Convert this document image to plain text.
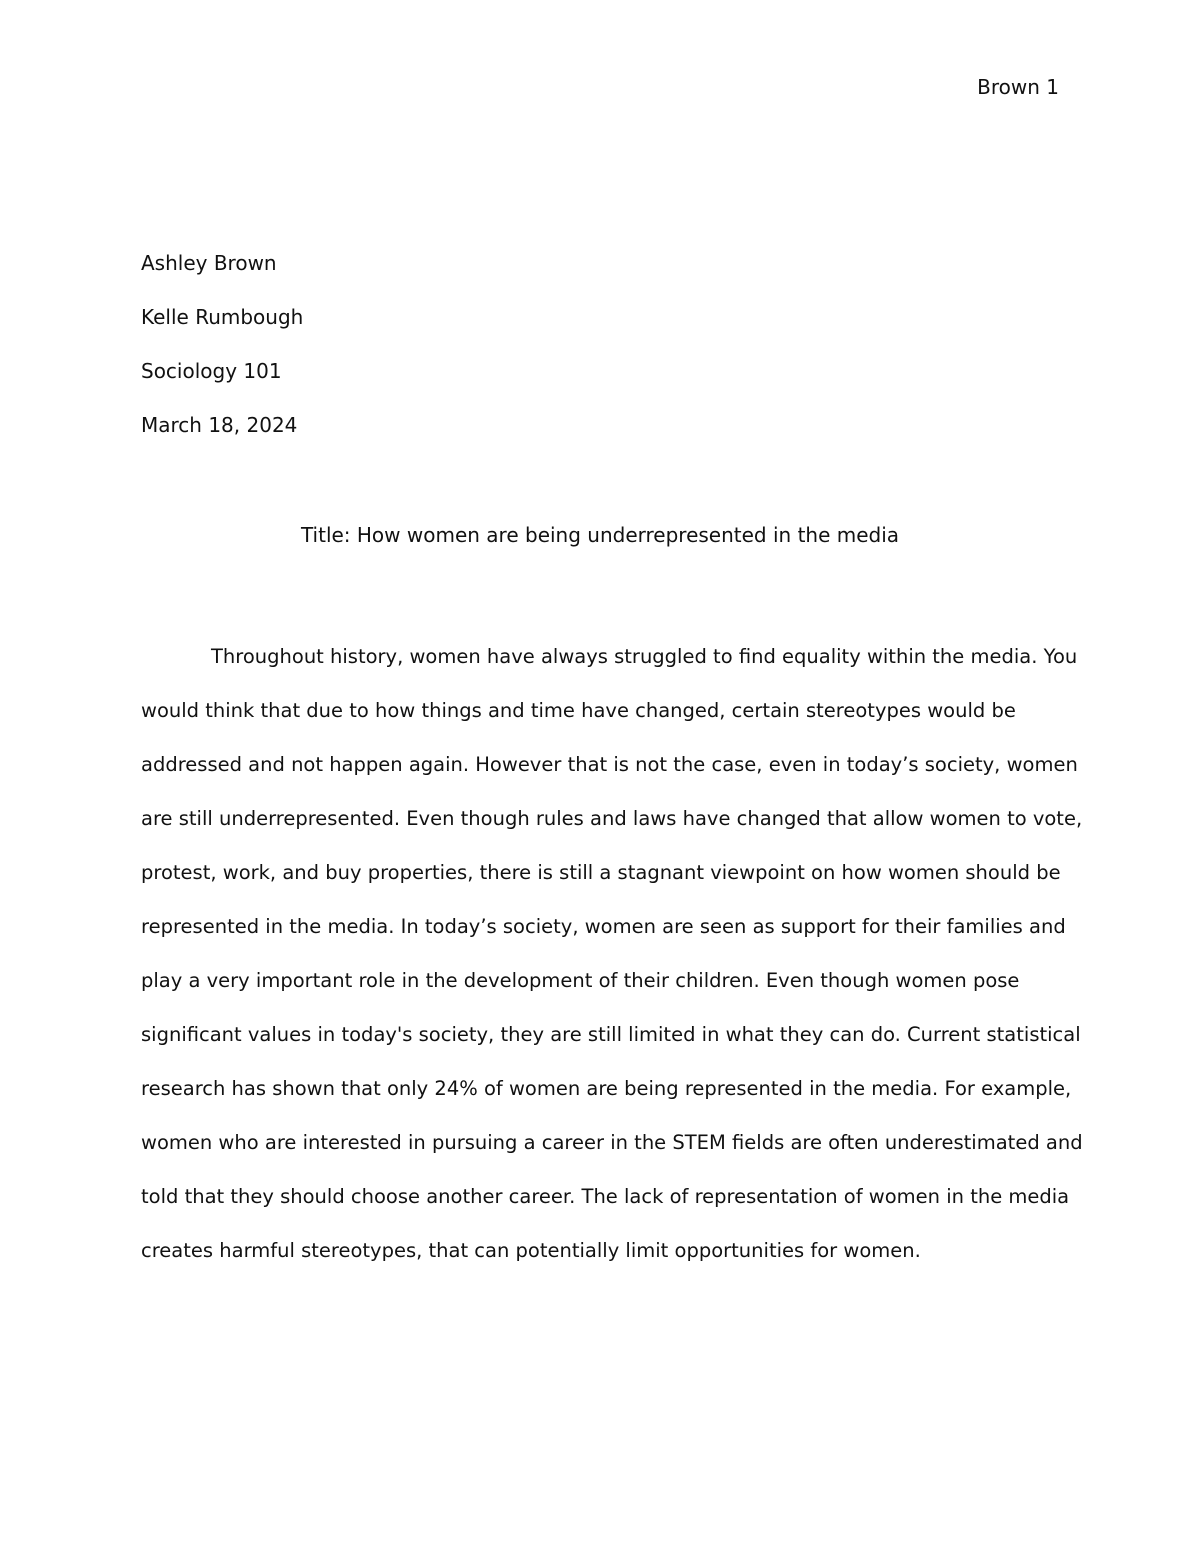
Brown 1
Ashley Brown
Kelle Rumbough
Sociology 101
March 18, 2024
Title: How women are being underrepresented in the media
Throughout history, women have always struggled to find equality within the media. You
would think that due to how things and time have changed, certain stereotypes would be
addressed and not happen again. However that is not the case, even in today’s society, women
are still underrepresented. Even though rules and laws have changed that allow women to vote,
protest, work, and buy properties, there is still a stagnant viewpoint on how women should be
represented in the media. In today’s society, women are seen as support for their families and
play a very important role in the development of their children. Even though women pose
significant values in today's society, they are still limited in what they can do. Current statistical
research has shown that only 24% of women are being represented in the media. For example,
women who are interested in pursuing a career in the STEM fields are often underestimated and
told that they should choose another career. The lack of representation of women in the media
creates harmful stereotypes, that can potentially limit opportunities for women.
